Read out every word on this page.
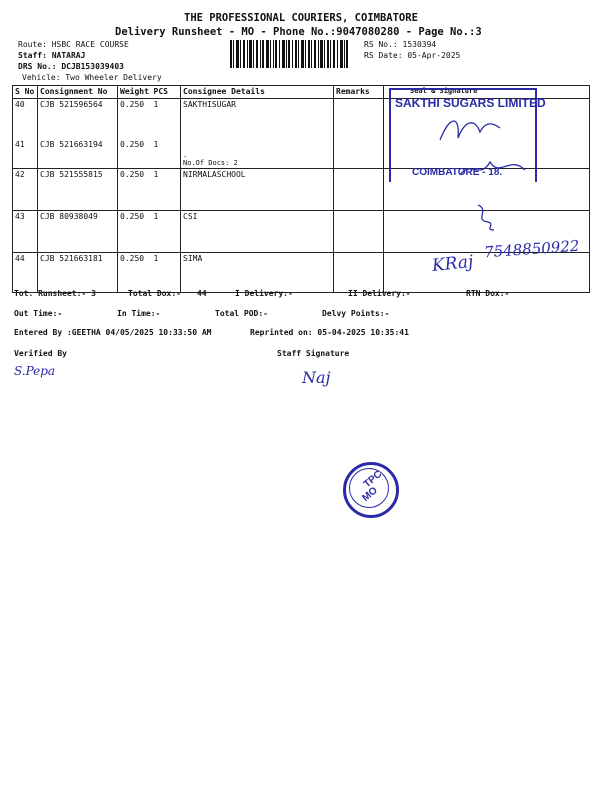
THE PROFESSIONAL COURIERS, COIMBATORE
Delivery Runsheet - MO - Phone No.:9047080280 - Page No.:3
Route: HSBC RACE COURSE
Staff: NATARAJ
DRS No.: DCJB153039403
Vehicle: Two Wheeler Delivery
RS No.: 1530394
RS Date: 05-Apr-2025
S No	Consignment No	Weight	PCS	Consignee Details	Remarks	Seal & Signature
40	CJB 521596564	0.250	1	SAKTHISUGAR		
41	CJB 521663194	0.250	1	.
No.Of Docs: 2		

42	CJB 521555815	0.250	1	NIRMALASCHOOL		
43	CJB 80938049	0.250	1	CSI		
44	CJB 521663181	0.250	1	SIMA		
SAKTHI SUGARS LIMITED
COIMBATORE - 18.
KRaj
7548850922
Tot. Runsheet:- 3	Total Dox:- 44	I Delivery:-	II Delivery:-	RTN Dox:-
Out Time:-	In Time:-	Total POD:-	Delvy Points:-
Entered By :GEETHA 04/05/2025 10:33:50 AM	Reprinted on: 05-04-2025 10:35:41
Verified By	Staff Signature
S.Pepa	Naj
TPC
MO
